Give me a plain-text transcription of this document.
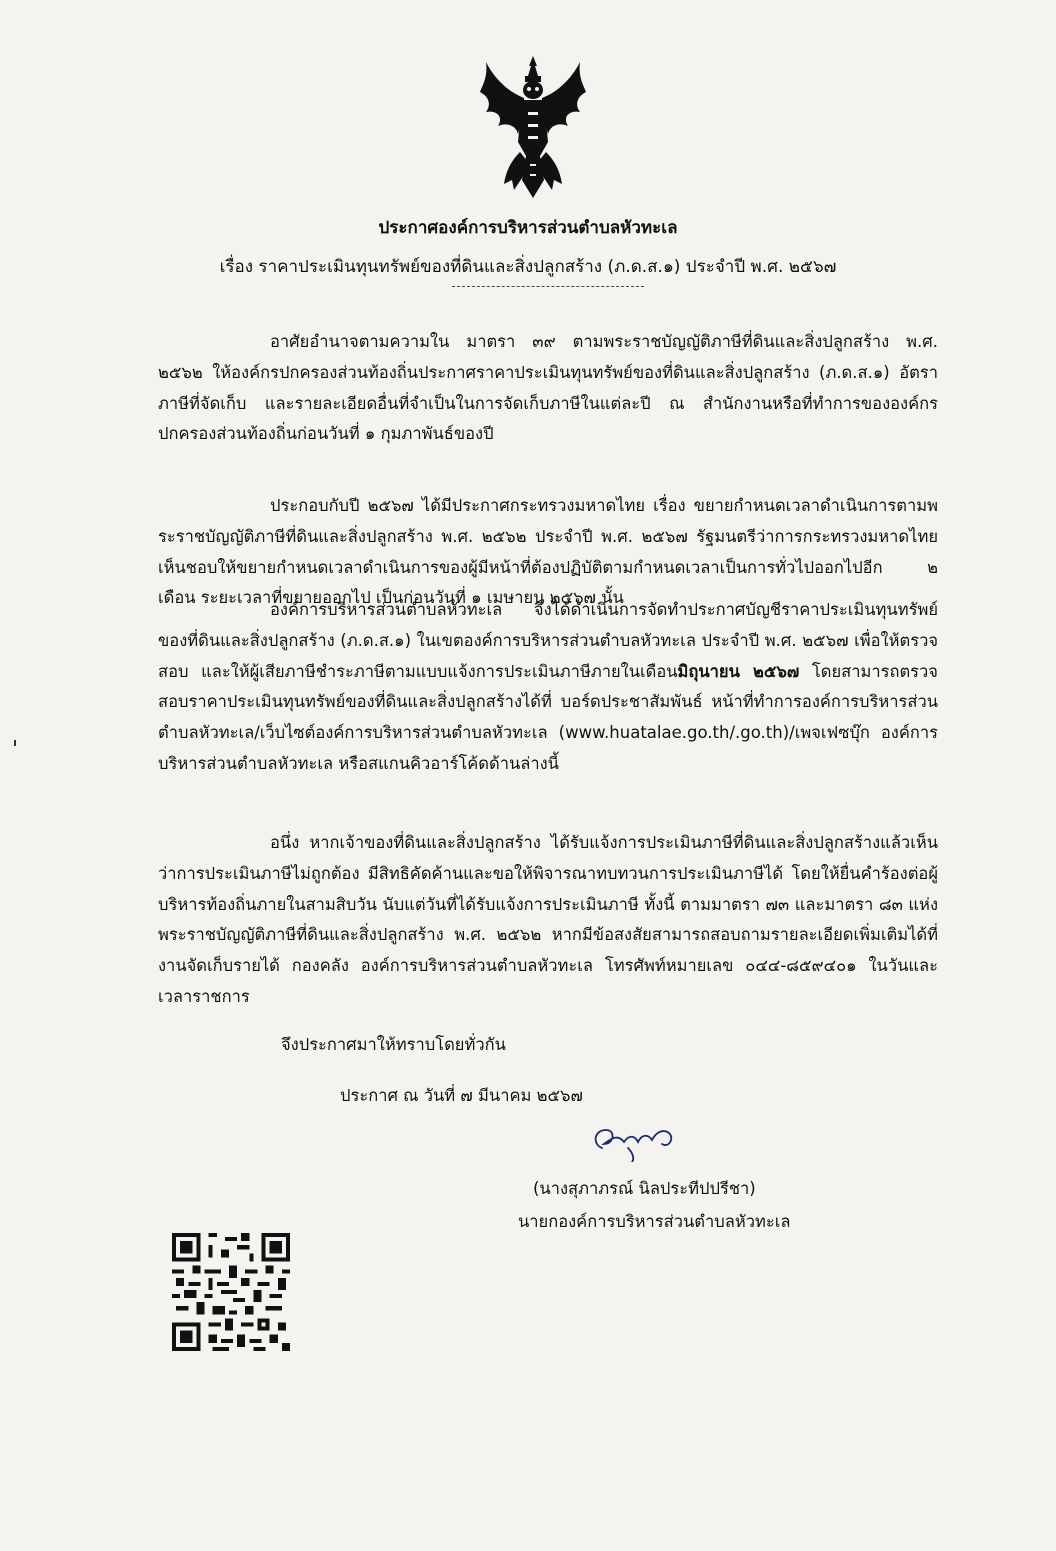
ประกาศองค์การบริหารส่วนตำบลหัวทะเล
เรื่อง ราคาประเมินทุนทรัพย์ของที่ดินและสิ่งปลูกสร้าง (ภ.ด.ส.๑) ประจำปี พ.ศ. ๒๕๖๗

อาศัยอำนาจตามความใน มาตรา ๓๙ ตามพระราชบัญญัติภาษีที่ดินและสิ่งปลูกสร้าง พ.ศ. ๒๕๖๒ ให้องค์กรปกครองส่วนท้องถิ่นประกาศราคาประเมินทุนทรัพย์ของที่ดินและสิ่งปลูกสร้าง (ภ.ด.ส.๑) อัตราภาษีที่จัดเก็บ และรายละเอียดอื่นที่จำเป็นในการจัดเก็บภาษีในแต่ละปี ณ สำนักงานหรือที่ทำการขององค์กรปกครองส่วนท้องถิ่นก่อนวันที่ ๑ กุมภาพันธ์ของปี

ประกอบกับปี ๒๕๖๗ ได้มีประกาศกระทรวงมหาดไทย เรื่อง ขยายกำหนดเวลาดำเนินการตามพระราชบัญญัติภาษีที่ดินและสิ่งปลูกสร้าง พ.ศ. ๒๕๖๒ ประจำปี พ.ศ. ๒๕๖๗ รัฐมนตรีว่าการกระทรวงมหาดไทย เห็นชอบให้ขยายกำหนดเวลาดำเนินการของผู้มีหน้าที่ต้องปฏิบัติตามกำหนดเวลาเป็นการทั่วไปออกไปอีก ๒ เดือน ระยะเวลาที่ขยายออกไป เป็นก่อนวันที่ ๑ เมษายน ๒๕๖๗ นั้น

องค์การบริหารส่วนตำบลหัวทะเล จึงได้ดำเนินการจัดทำประกาศบัญชีราคาประเมินทุนทรัพย์ของที่ดินและสิ่งปลูกสร้าง (ภ.ด.ส.๑) ในเขตองค์การบริหารส่วนตำบลหัวทะเล ประจำปี พ.ศ. ๒๕๖๗ เพื่อให้ตรวจสอบ และให้ผู้เสียภาษีชำระภาษีตามแบบแจ้งการประเมินภาษีภายในเดือนมิถุนายน ๒๕๖๗ โดยสามารถตรวจสอบราคาประเมินทุนทรัพย์ของที่ดินและสิ่งปลูกสร้างได้ที่ บอร์ดประชาสัมพันธ์ หน้าที่ทำการองค์การบริหารส่วนตำบลหัวทะเล/เว็บไซต์องค์การบริหารส่วนตำบลหัวทะเล (www.huatalae.go.th/.go.th)/เพจเฟซบุ๊ก องค์การบริหารส่วนตำบลหัวทะเล หรือสแกนคิวอาร์โค้ดด้านล่างนี้

อนึ่ง หากเจ้าของที่ดินและสิ่งปลูกสร้าง ได้รับแจ้งการประเมินภาษีที่ดินและสิ่งปลูกสร้างแล้วเห็นว่าการประเมินภาษีไม่ถูกต้อง มีสิทธิคัดค้านและขอให้พิจารณาทบทวนการประเมินภาษีได้ โดยให้ยื่นคำร้องต่อผู้บริหารท้องถิ่นภายในสามสิบวัน นับแต่วันที่ได้รับแจ้งการประเมินภาษี ทั้งนี้ ตามมาตรา ๗๓ และมาตรา ๘๓ แห่งพระราชบัญญัติภาษีที่ดินและสิ่งปลูกสร้าง พ.ศ. ๒๕๖๒ หากมีข้อสงสัยสามารถสอบถามรายละเอียดเพิ่มเติมได้ที่ งานจัดเก็บรายได้ กองคลัง องค์การบริหารส่วนตำบลหัวทะเล โทรศัพท์หมายเลข ๐๔๔-๘๕๙๔๐๑ ในวันและเวลาราชการ

จึงประกาศมาให้ทราบโดยทั่วกัน
ประกาศ ณ วันที่ ๗ มีนาคม ๒๕๖๗
(นางสุภาภรณ์ นิลประทีปปรีชา)
นายกองค์การบริหารส่วนตำบลหัวทะเล
